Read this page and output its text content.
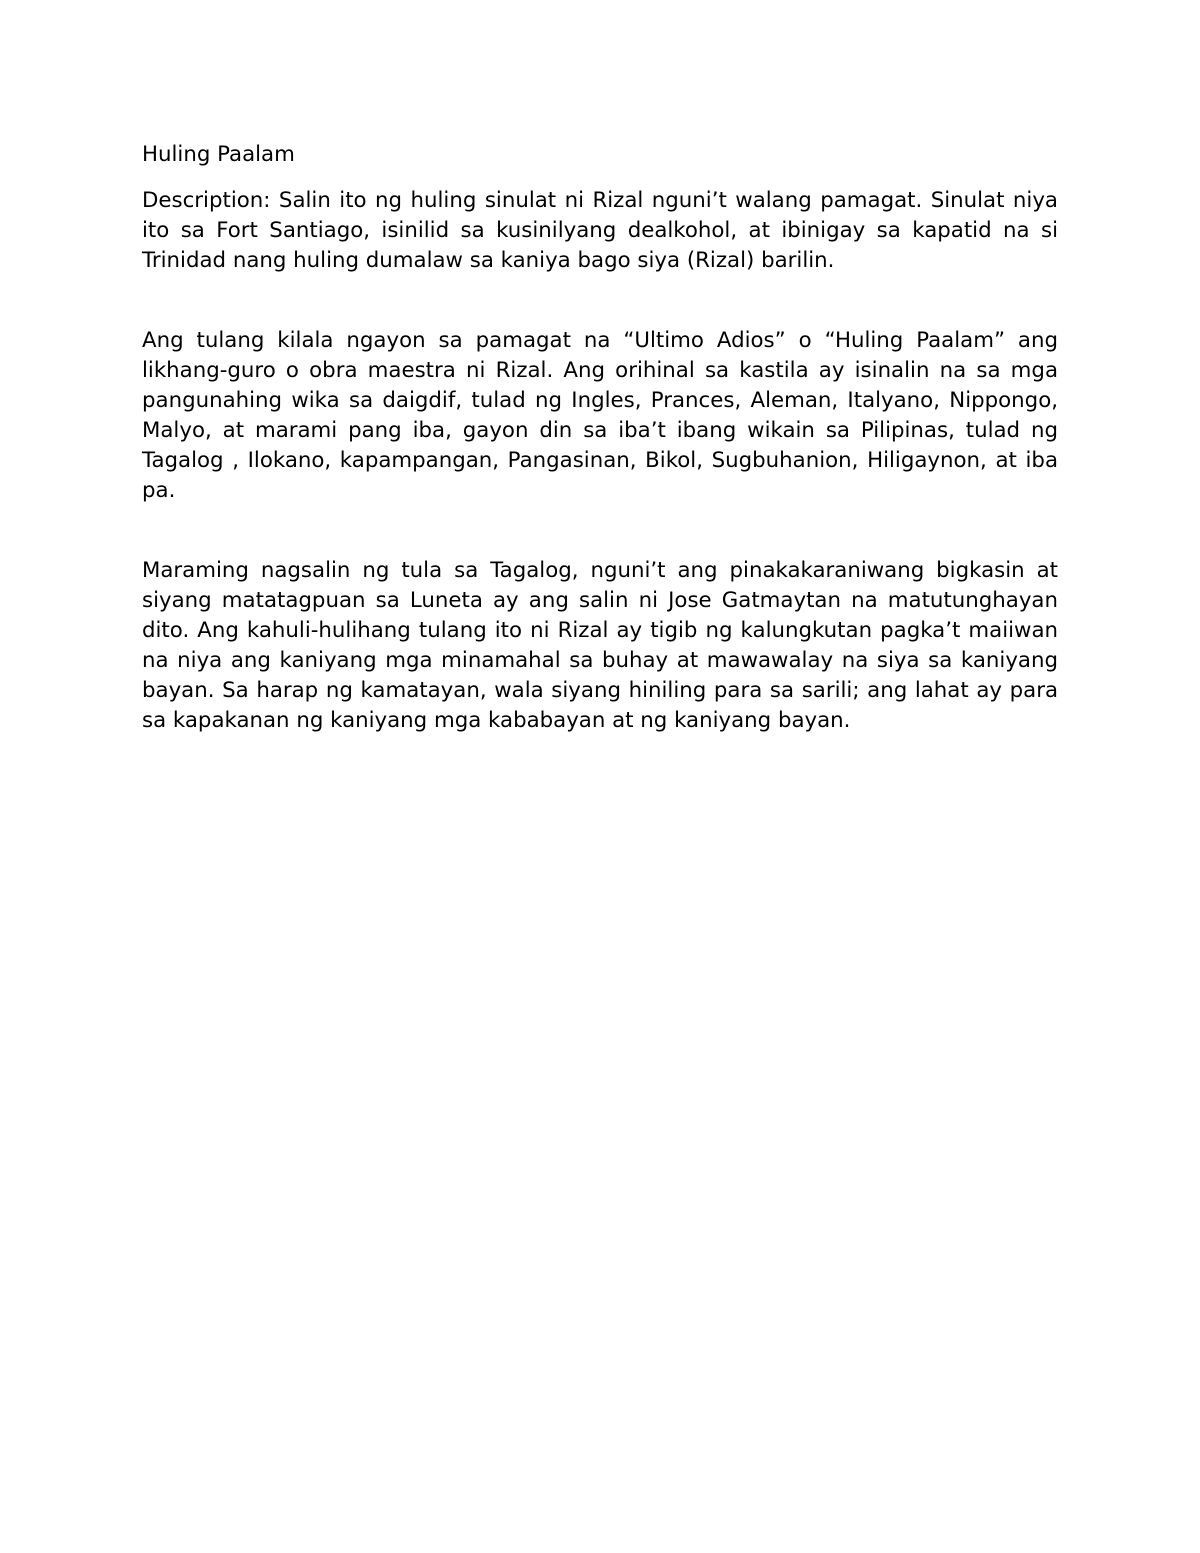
Huling Paalam

Description: Salin ito ng huling sinulat ni Rizal nguni’t walang pamagat. Sinulat niya ito sa Fort Santiago, isinilid sa kusinilyang dealkohol, at ibinigay sa kapatid na si Trinidad nang huling dumalaw sa kaniya bago siya (Rizal) barilin.

Ang tulang kilala ngayon sa pamagat na “Ultimo Adios” o “Huling Paalam” ang likhang-guro o obra maestra ni Rizal. Ang orihinal sa kastila ay isinalin na sa mga pangunahing wika sa daigdif, tulad ng Ingles, Prances, Aleman, Italyano, Nippongo, Malyo, at marami pang iba, gayon din sa iba’t ibang wikain sa Pilipinas, tulad ng Tagalog , Ilokano, kapampangan, Pangasinan, Bikol, Sugbuhanion, Hiligaynon, at iba pa.

Maraming nagsalin ng tula sa Tagalog, nguni’t ang pinakakaraniwang bigkasin at siyang matatagpuan sa Luneta ay ang salin ni Jose Gatmaytan na matutunghayan dito. Ang kahuli-hulihang tulang ito ni Rizal ay tigib ng kalungkutan pagka’t maiiwan na niya ang kaniyang mga minamahal sa buhay at mawawalay na siya sa kaniyang bayan. Sa harap ng kamatayan, wala siyang hiniling para sa sarili; ang lahat ay para sa kapakanan ng kaniyang mga kababayan at ng kaniyang bayan.
